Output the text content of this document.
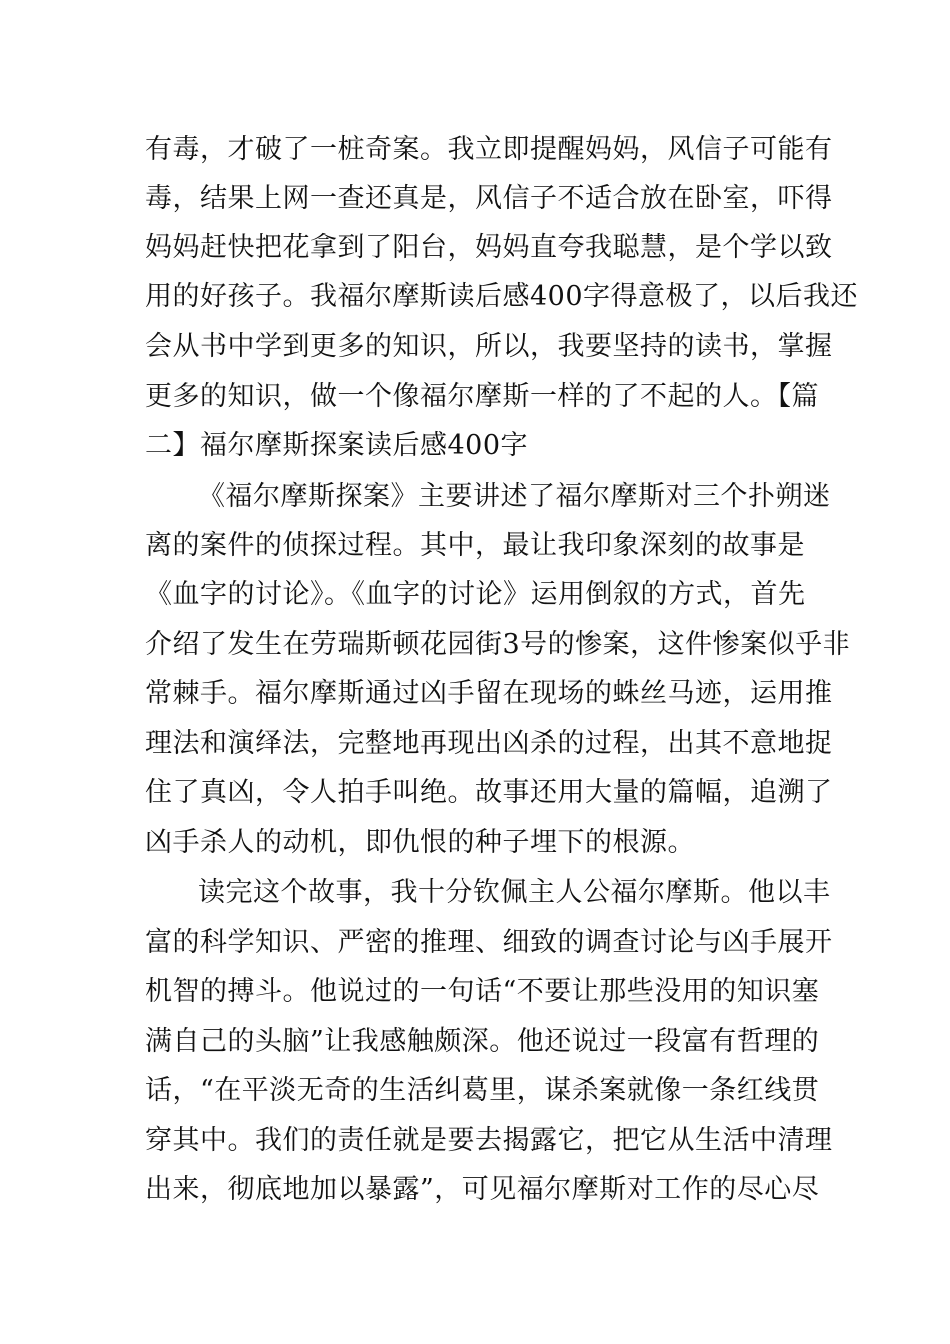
有毒，才破了一桩奇案。我立即提醒妈妈，风信子可能有
毒，结果上网一查还真是，风信子不适合放在卧室，吓得
妈妈赶快把花拿到了阳台，妈妈直夸我聪慧，是个学以致
用的好孩子。我福尔摩斯读后感400字得意极了，以后我还
会从书中学到更多的知识，所以，我要坚持的读书，掌握
更多的知识，做一个像福尔摩斯一样的了不起的人。【篇
二】福尔摩斯探案读后感400字
《福尔摩斯探案》主要讲述了福尔摩斯对三个扑朔迷
离的案件的侦探过程。其中，最让我印象深刻的故事是
《血字的讨论》。《血字的讨论》运用倒叙的方式，首先
介绍了发生在劳瑞斯顿花园街3号的惨案，这件惨案似乎非
常棘手。福尔摩斯通过凶手留在现场的蛛丝马迹，运用推
理法和演绎法，完整地再现出凶杀的过程，出其不意地捉
住了真凶，令人拍手叫绝。故事还用大量的篇幅，追溯了
凶手杀人的动机，即仇恨的种子埋下的根源。
读完这个故事，我十分钦佩主人公福尔摩斯。他以丰
富的科学知识、严密的推理、细致的调查讨论与凶手展开
机智的搏斗。他说过的一句话“不要让那些没用的知识塞
满自己的头脑”让我感触颇深。他还说过一段富有哲理的
话，“在平淡无奇的生活纠葛里，谋杀案就像一条红线贯
穿其中。我们的责任就是要去揭露它，把它从生活中清理
出来，彻底地加以暴露”，可见福尔摩斯对工作的尽心尽
